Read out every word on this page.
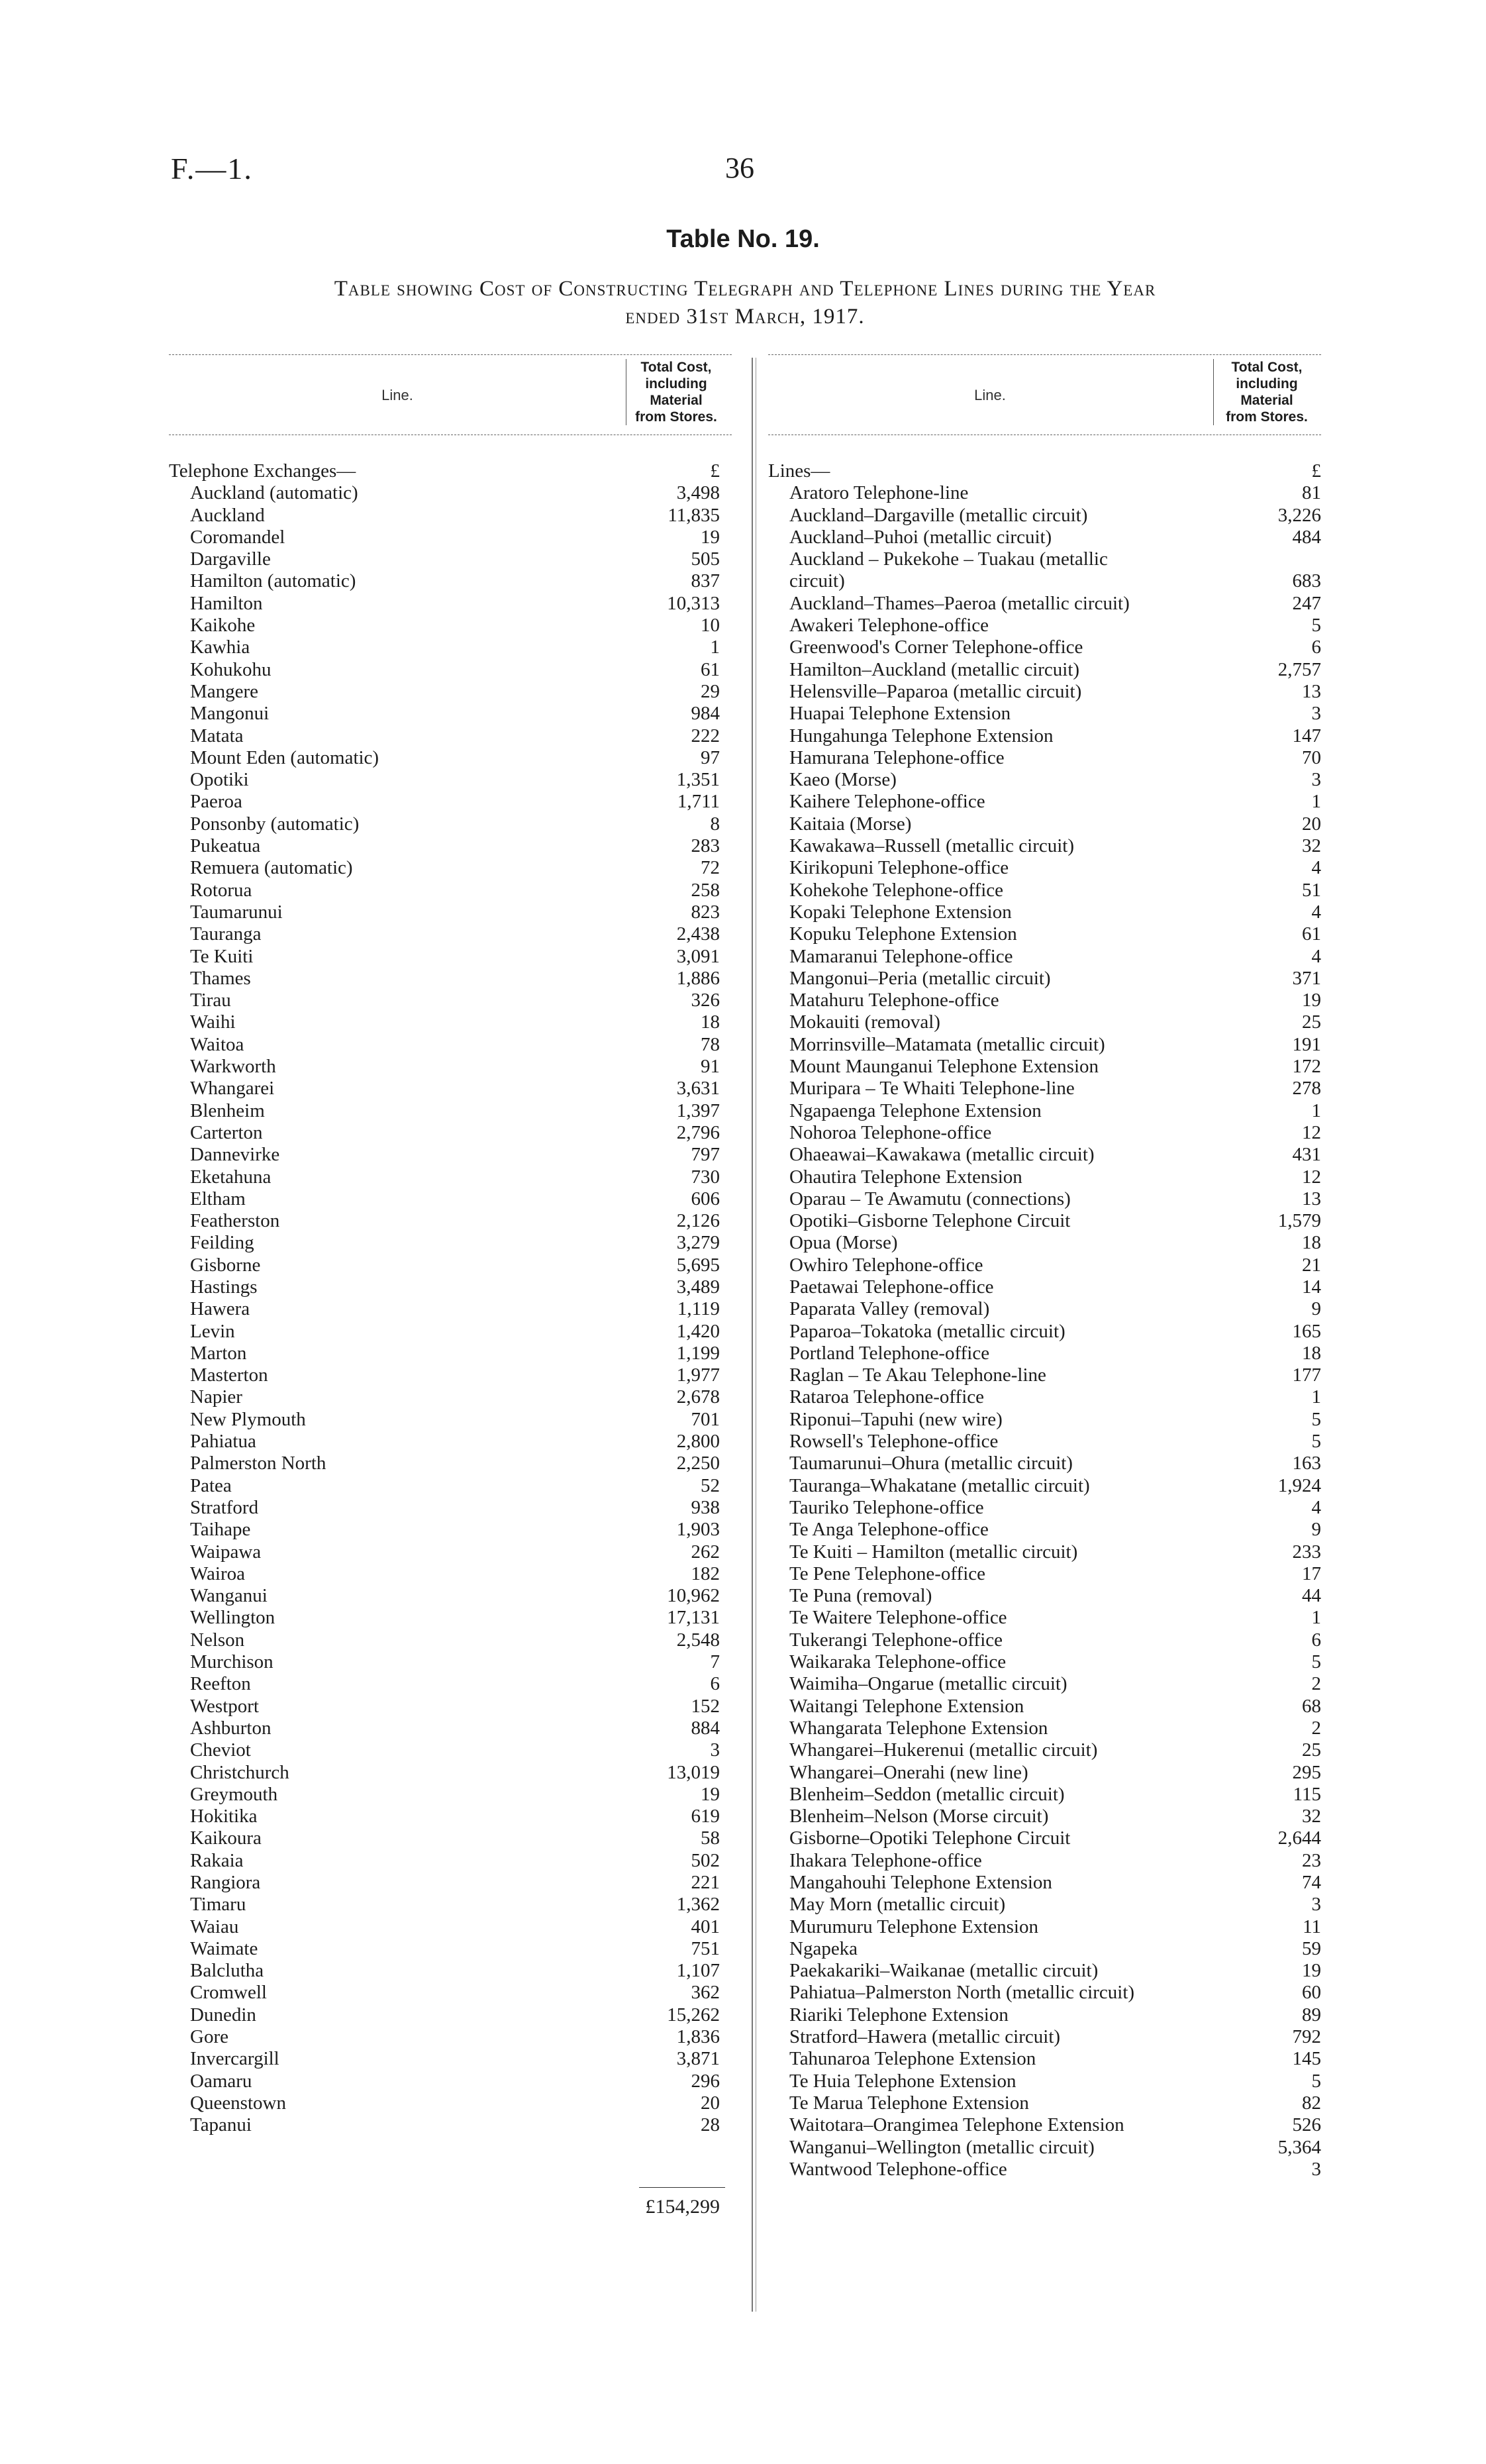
F.—1.	36
Table No. 19.
Table showing Cost of Constructing Telegraph and Telephone Lines during the Year
ended 31st March, 1917.
Line.
Total Cost,
including
Material
from Stores.
Telephone Exchanges—	£
Auckland (automatic)	3,498
Auckland	11,835
Coromandel	19
Dargaville	505
Hamilton (automatic)	837
Hamilton	10,313
Kaikohe	10
Kawhia	1
Kohukohu	61
Mangere	29
Mangonui	984
Matata	222
Mount Eden (automatic)	97
Opotiki	1,351
Paeroa	1,711
Ponsonby (automatic)	8
Pukeatua	283
Remuera (automatic)	72
Rotorua	258
Taumarunui	823
Tauranga	2,438
Te Kuiti	3,091
Thames	1,886
Tirau	326
Waihi	18
Waitoa	78
Warkworth	91
Whangarei	3,631
Blenheim	1,397
Carterton	2,796
Dannevirke	797
Eketahuna	730
Eltham	606
Featherston	2,126
Feilding	3,279
Gisborne	5,695
Hastings	3,489
Hawera	1,119
Levin	1,420
Marton	1,199
Masterton	1,977
Napier	2,678
New Plymouth	701
Pahiatua	2,800
Palmerston North	2,250
Patea	52
Stratford	938
Taihape	1,903
Waipawa	262
Wairoa	182
Wanganui	10,962
Wellington	17,131
Nelson	2,548
Murchison	7
Reefton	6
Westport	152
Ashburton	884
Cheviot	3
Christchurch	13,019
Greymouth	19
Hokitika	619
Kaikoura	58
Rakaia	502
Rangiora	221
Timaru	1,362
Waiau	401
Waimate	751
Balclutha	1,107
Cromwell	362
Dunedin	15,262
Gore	1,836
Invercargill	3,871
Oamaru	296
Queenstown	20
Tapanui	28
£154,299
Line.
Total Cost,
including
Material
from Stores.
Lines—	£
Aratoro Telephone-line	81
Auckland–Dargaville (metallic circuit)	3,226
Auckland–Puhoi (metallic circuit)	484
Auckland – Pukekohe – Tuakau (metallic
circuit)	683
Auckland–Thames–Paeroa (metallic circuit)	247
Awakeri Telephone-office	5
Greenwood's Corner Telephone-office	6
Hamilton–Auckland (metallic circuit)	2,757
Helensville–Paparoa (metallic circuit)	13
Huapai Telephone Extension	3
Hungahunga Telephone Extension	147
Hamurana Telephone-office	70
Kaeo (Morse)	3
Kaihere Telephone-office	1
Kaitaia (Morse)	20
Kawakawa–Russell (metallic circuit)	32
Kirikopuni Telephone-office	4
Kohekohe Telephone-office	51
Kopaki Telephone Extension	4
Kopuku Telephone Extension	61
Mamaranui Telephone-office	4
Mangonui–Peria (metallic circuit)	371
Matahuru Telephone-office	19
Mokauiti (removal)	25
Morrinsville–Matamata (metallic circuit)	191
Mount Maunganui Telephone Extension	172
Muripara – Te Whaiti Telephone-line	278
Ngapaenga Telephone Extension	1
Nohoroa Telephone-office	12
Ohaeawai–Kawakawa (metallic circuit)	431
Ohautira Telephone Extension	12
Oparau – Te Awamutu (connections)	13
Opotiki–Gisborne Telephone Circuit	1,579
Opua (Morse)	18
Owhiro Telephone-office	21
Paetawai Telephone-office	14
Paparata Valley (removal)	9
Paparoa–Tokatoka (metallic circuit)	165
Portland Telephone-office	18
Raglan – Te Akau Telephone-line	177
Rataroa Telephone-office	1
Riponui–Tapuhi (new wire)	5
Rowsell's Telephone-office	5
Taumarunui–Ohura (metallic circuit)	163
Tauranga–Whakatane (metallic circuit)	1,924
Tauriko Telephone-office	4
Te Anga Telephone-office	9
Te Kuiti – Hamilton (metallic circuit)	233
Te Pene Telephone-office	17
Te Puna (removal)	44
Te Waitere Telephone-office	1
Tukerangi Telephone-office	6
Waikaraka Telephone-office	5
Waimiha–Ongarue (metallic circuit)	2
Waitangi Telephone Extension	68
Whangarata Telephone Extension	2
Whangarei–Hukerenui (metallic circuit)	25
Whangarei–Onerahi (new line)	295
Blenheim–Seddon (metallic circuit)	115
Blenheim–Nelson (Morse circuit)	32
Gisborne–Opotiki Telephone Circuit	2,644
Ihakara Telephone-office	23
Mangahouhi Telephone Extension	74
May Morn (metallic circuit)	3
Murumuru Telephone Extension	11
Ngapeka	59
Paekakariki–Waikanae (metallic circuit)	19
Pahiatua–Palmerston North (metallic circuit)	60
Riariki Telephone Extension	89
Stratford–Hawera (metallic circuit)	792
Tahunaroa Telephone Extension	145
Te Huia Telephone Extension	5
Te Marua Telephone Extension	82
Waitotara–Orangimea Telephone Extension	526
Wanganui–Wellington (metallic circuit)	5,364
Wantwood Telephone-office	3
